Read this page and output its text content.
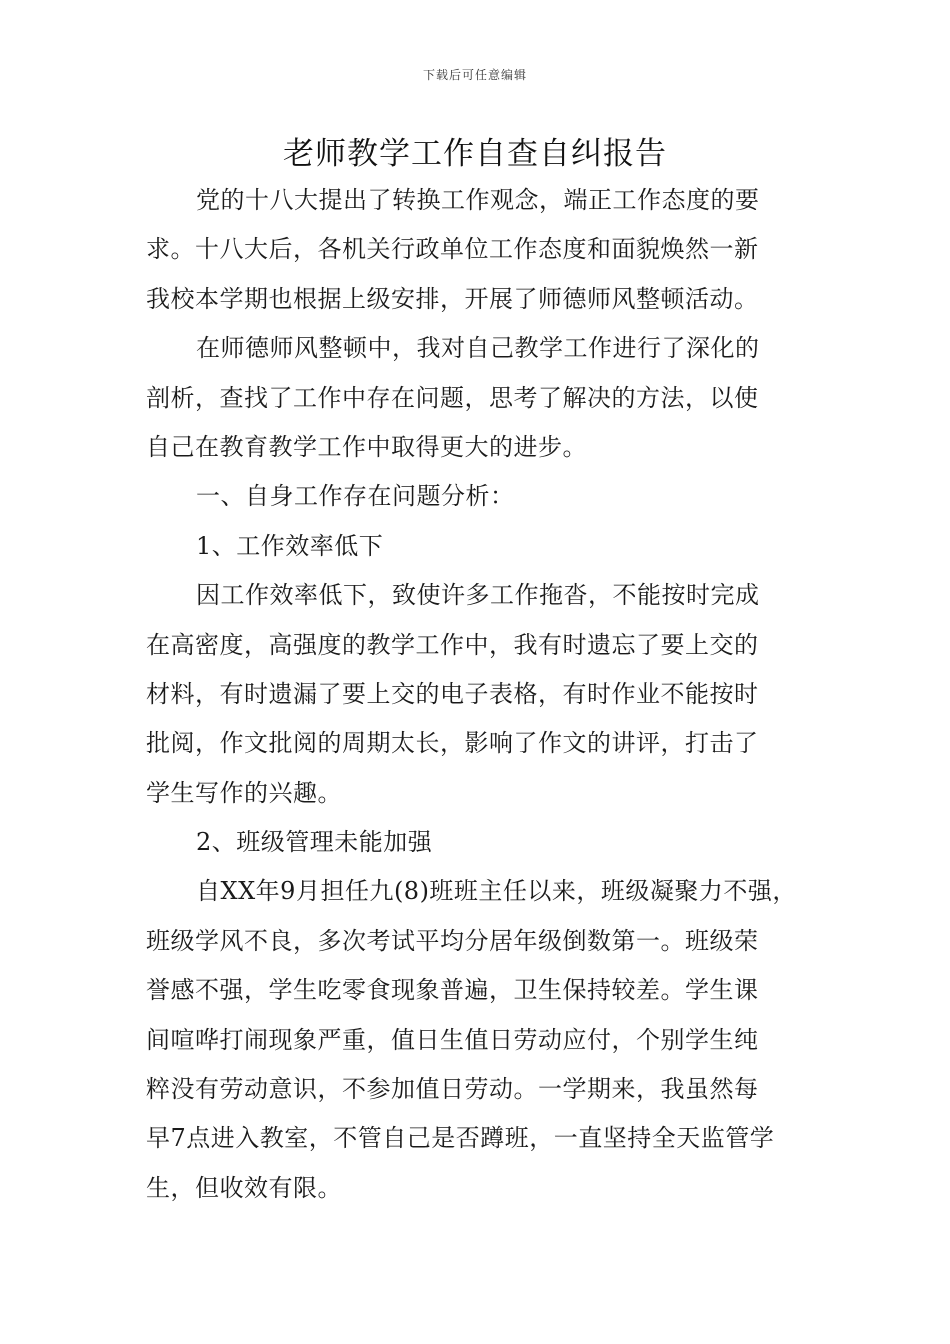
下载后可任意编辑
老师教学工作自查自纠报告
党的十八大提出了转换工作观念，端正工作态度的要
求。十八大后，各机关行政单位工作态度和面貌焕然一新
我校本学期也根据上级安排，开展了师德师风整顿活动。
在师德师风整顿中，我对自己教学工作进行了深化的
剖析，查找了工作中存在问题，思考了解决的方法，以使
自己在教育教学工作中取得更大的进步。
一、自身工作存在问题分析：
1、工作效率低下
因工作效率低下，致使许多工作拖沓，不能按时完成
在高密度，高强度的教学工作中，我有时遗忘了要上交的
材料，有时遗漏了要上交的电子表格，有时作业不能按时
批阅，作文批阅的周期太长，影响了作文的讲评，打击了
学生写作的兴趣。
2、班级管理未能加强
自XX年9月担任九(8)班班主任以来，班级凝聚力不强，
班级学风不良，多次考试平均分居年级倒数第一。班级荣
誉感不强，学生吃零食现象普遍，卫生保持较差。学生课
间喧哗打闹现象严重，值日生值日劳动应付，个别学生纯
粹没有劳动意识，不参加值日劳动。一学期来，我虽然每
早7点进入教室，不管自己是否蹲班，一直坚持全天监管学
生，但收效有限。
